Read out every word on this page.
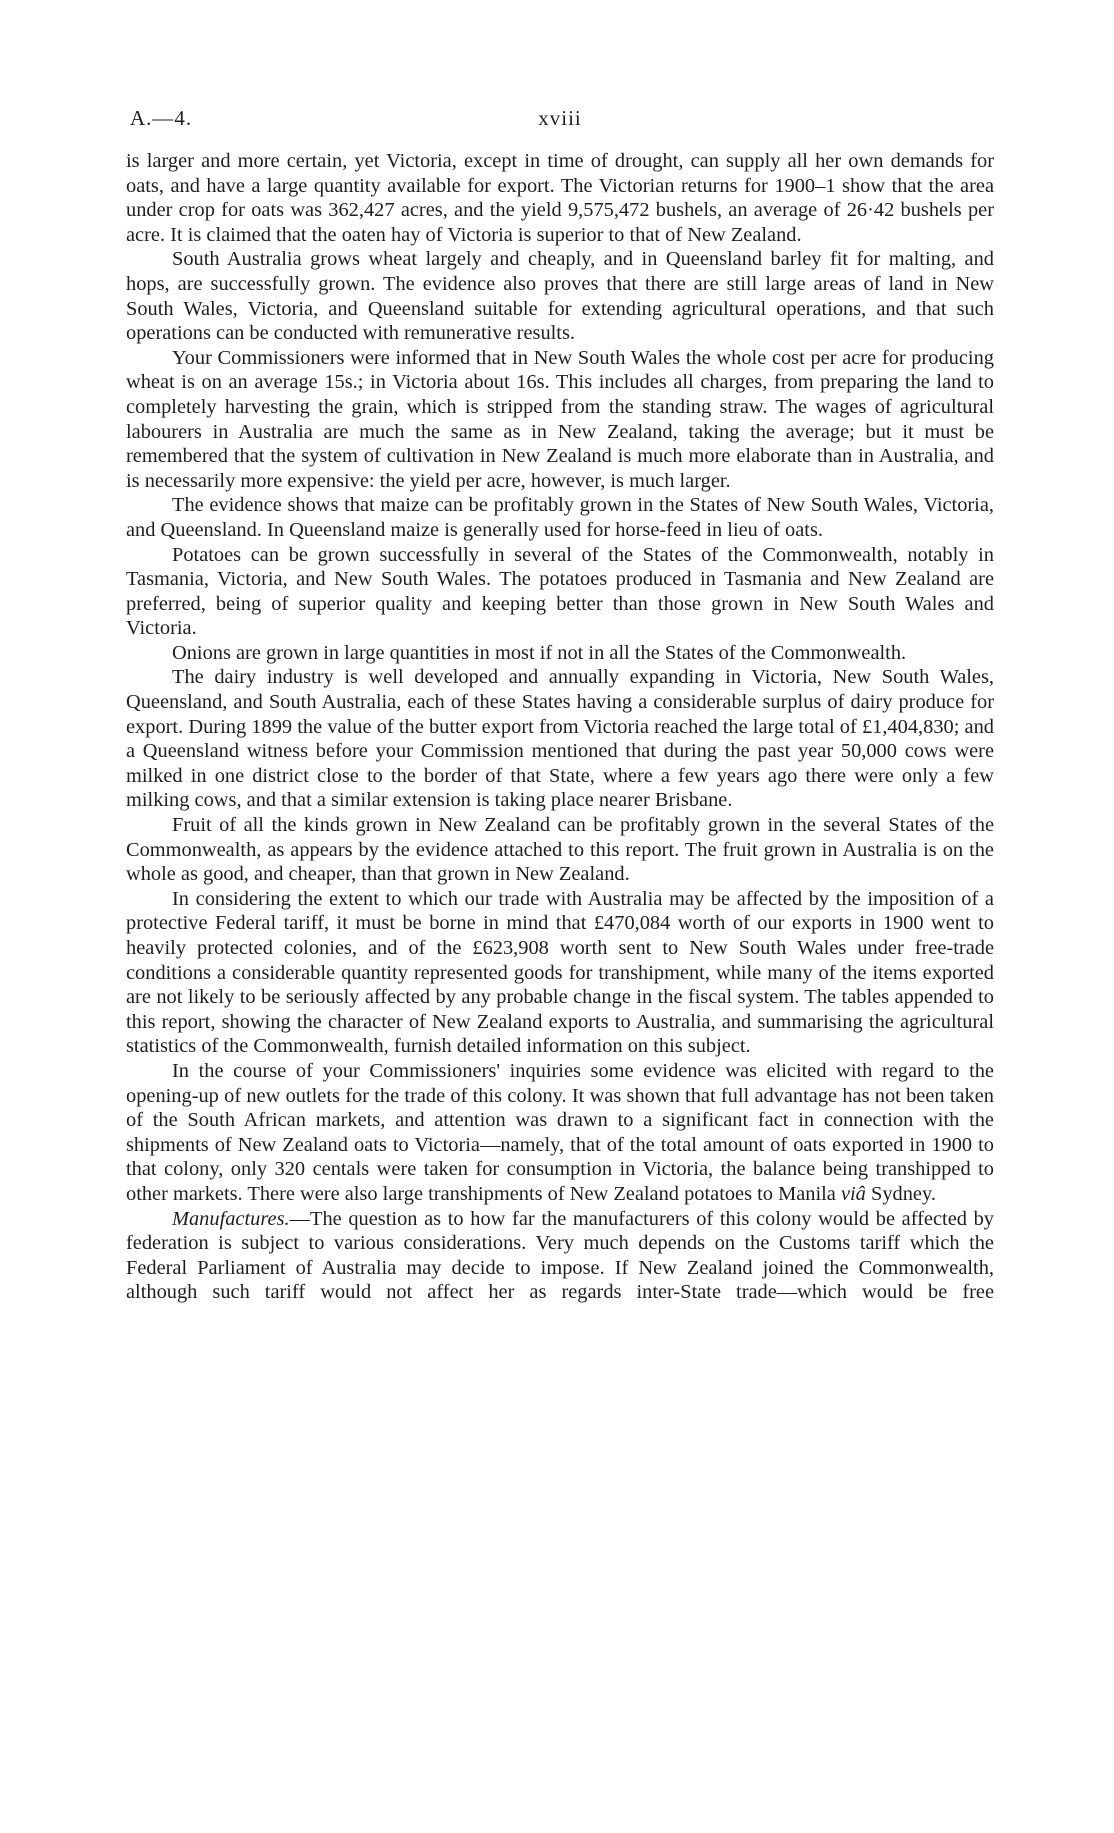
A.—4.	xviii

is larger and more certain, yet Victoria, except in time of drought, can supply all her own demands for oats, and have a large quantity available for export. The Victorian returns for 1900–1 show that the area under crop for oats was 362,427 acres, and the yield 9,575,472 bushels, an average of 26·42 bushels per acre. It is claimed that the oaten hay of Victoria is superior to that of New Zealand.

South Australia grows wheat largely and cheaply, and in Queensland barley fit for malting, and hops, are successfully grown. The evidence also proves that there are still large areas of land in New South Wales, Victoria, and Queensland suitable for extending agricultural operations, and that such operations can be conducted with remunerative results.

Your Commissioners were informed that in New South Wales the whole cost per acre for producing wheat is on an average 15s.; in Victoria about 16s. This includes all charges, from preparing the land to completely harvesting the grain, which is stripped from the standing straw. The wages of agricultural labourers in Australia are much the same as in New Zealand, taking the average; but it must be remembered that the system of cultivation in New Zealand is much more elaborate than in Australia, and is necessarily more expensive: the yield per acre, however, is much larger.

The evidence shows that maize can be profitably grown in the States of New South Wales, Victoria, and Queensland. In Queensland maize is generally used for horse-feed in lieu of oats.

Potatoes can be grown successfully in several of the States of the Commonwealth, notably in Tasmania, Victoria, and New South Wales. The potatoes produced in Tasmania and New Zealand are preferred, being of superior quality and keeping better than those grown in New South Wales and Victoria.

Onions are grown in large quantities in most if not in all the States of the Commonwealth.

The dairy industry is well developed and annually expanding in Victoria, New South Wales, Queensland, and South Australia, each of these States having a considerable surplus of dairy produce for export. During 1899 the value of the butter export from Victoria reached the large total of £1,404,830; and a Queensland witness before your Commission mentioned that during the past year 50,000 cows were milked in one district close to the border of that State, where a few years ago there were only a few milking cows, and that a similar extension is taking place nearer Brisbane.

Fruit of all the kinds grown in New Zealand can be profitably grown in the several States of the Commonwealth, as appears by the evidence attached to this report. The fruit grown in Australia is on the whole as good, and cheaper, than that grown in New Zealand.

In considering the extent to which our trade with Australia may be affected by the imposition of a protective Federal tariff, it must be borne in mind that £470,084 worth of our exports in 1900 went to heavily protected colonies, and of the £623,908 worth sent to New South Wales under free-trade conditions a considerable quantity represented goods for transhipment, while many of the items exported are not likely to be seriously affected by any probable change in the fiscal system. The tables appended to this report, showing the character of New Zealand exports to Australia, and summarising the agricultural statistics of the Commonwealth, furnish detailed information on this subject.

In the course of your Commissioners' inquiries some evidence was elicited with regard to the opening-up of new outlets for the trade of this colony. It was shown that full advantage has not been taken of the South African markets, and attention was drawn to a significant fact in connection with the shipments of New Zealand oats to Victoria—namely, that of the total amount of oats exported in 1900 to that colony, only 320 centals were taken for consumption in Victoria, the balance being transhipped to other markets. There were also large transhipments of New Zealand potatoes to Manila viâ Sydney.

Manufactures.—The question as to how far the manufacturers of this colony would be affected by federation is subject to various considerations. Very much depends on the Customs tariff which the Federal Parliament of Australia may decide to impose. If New Zealand joined the Commonwealth, although such tariff would not affect her as regards inter-State trade—which would be free
